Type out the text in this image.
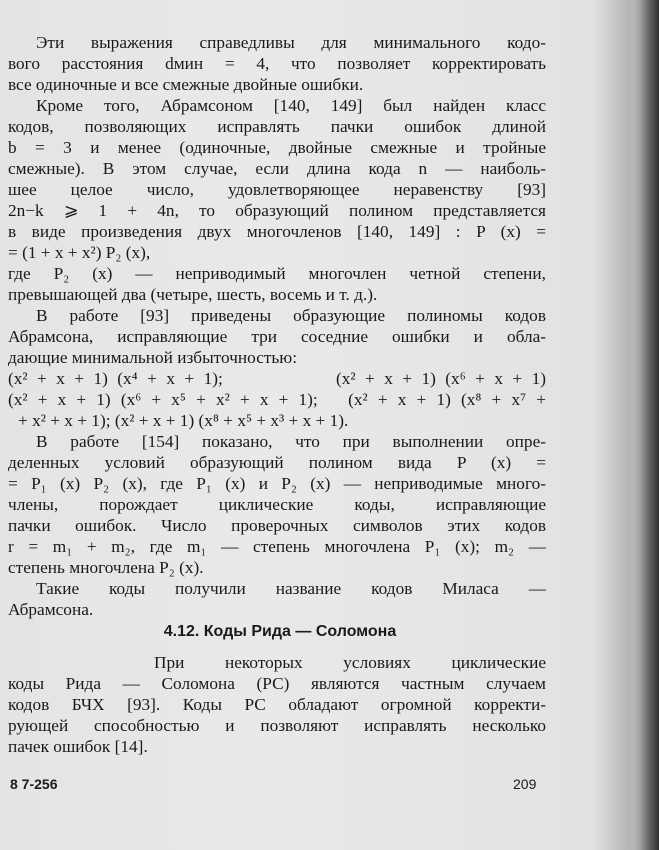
Эти выражения справедливы для минимального кодо-
вого расстояния dмин = 4, что позволяет корректировать
все одиночные и все смежные двойные ошибки.

Кроме того, Абрамсоном [140, 149] был найден класс
кодов, позволяющих исправлять пачки ошибок длиной
b = 3 и менее (одиночные, двойные смежные и тройные
смежные). В этом случае, если длина кода n — наиболь-
шее целое число, удовлетворяющее неравенству [93]
2n−k ⩾ 1 + 4n, то образующий полином представляется
в виде произведения двух многочленов [140, 149] : P (x) =
= (1 + x + x²) P₂ (x),
где P₂ (x) — неприводимый многочлен четной степени,
превышающей два (четыре, шесть, восемь и т. д.).

В работе [93] приведены образующие полиномы кодов
Абрамсона, исправляющие три соседние ошибки и обла-
дающие минимальной избыточностью:

(x² + x + 1) (x⁴ + x + 1);            (x² + x + 1) (x⁶ + x + 1)
(x² + x + 1) (x⁶ + x⁵ + x² + x + 1);   (x² + x + 1) (x⁸ + x⁷ +
+ x² + x + 1); (x² + x + 1) (x⁸ + x⁵ + x³ + x + 1).

В работе [154] показано, что при выполнении опре-
деленных условий образующий полином вида P (x) =
= P₁ (x) P₂ (x), где P₁ (x) и P₂ (x) — неприводимые много-
члены, порождает циклические коды, исправляющие
пачки ошибок. Число проверочных символов этих кодов
r = m₁ + m₂, где m₁ — степень многочлена P₁ (x); m₂ —
степень многочлена P₂ (x).

Такие коды получили название кодов Миласа —
Абрамсона.

4.12. Коды Рида — Соломона

При некоторых условиях циклические
коды Рида — Соломона (РС) являются частным случаем
кодов БЧХ [93]. Коды РС обладают огромной корректи-
рующей способностью и позволяют исправлять несколько
пачек ошибок [14].

8 7-256	209
